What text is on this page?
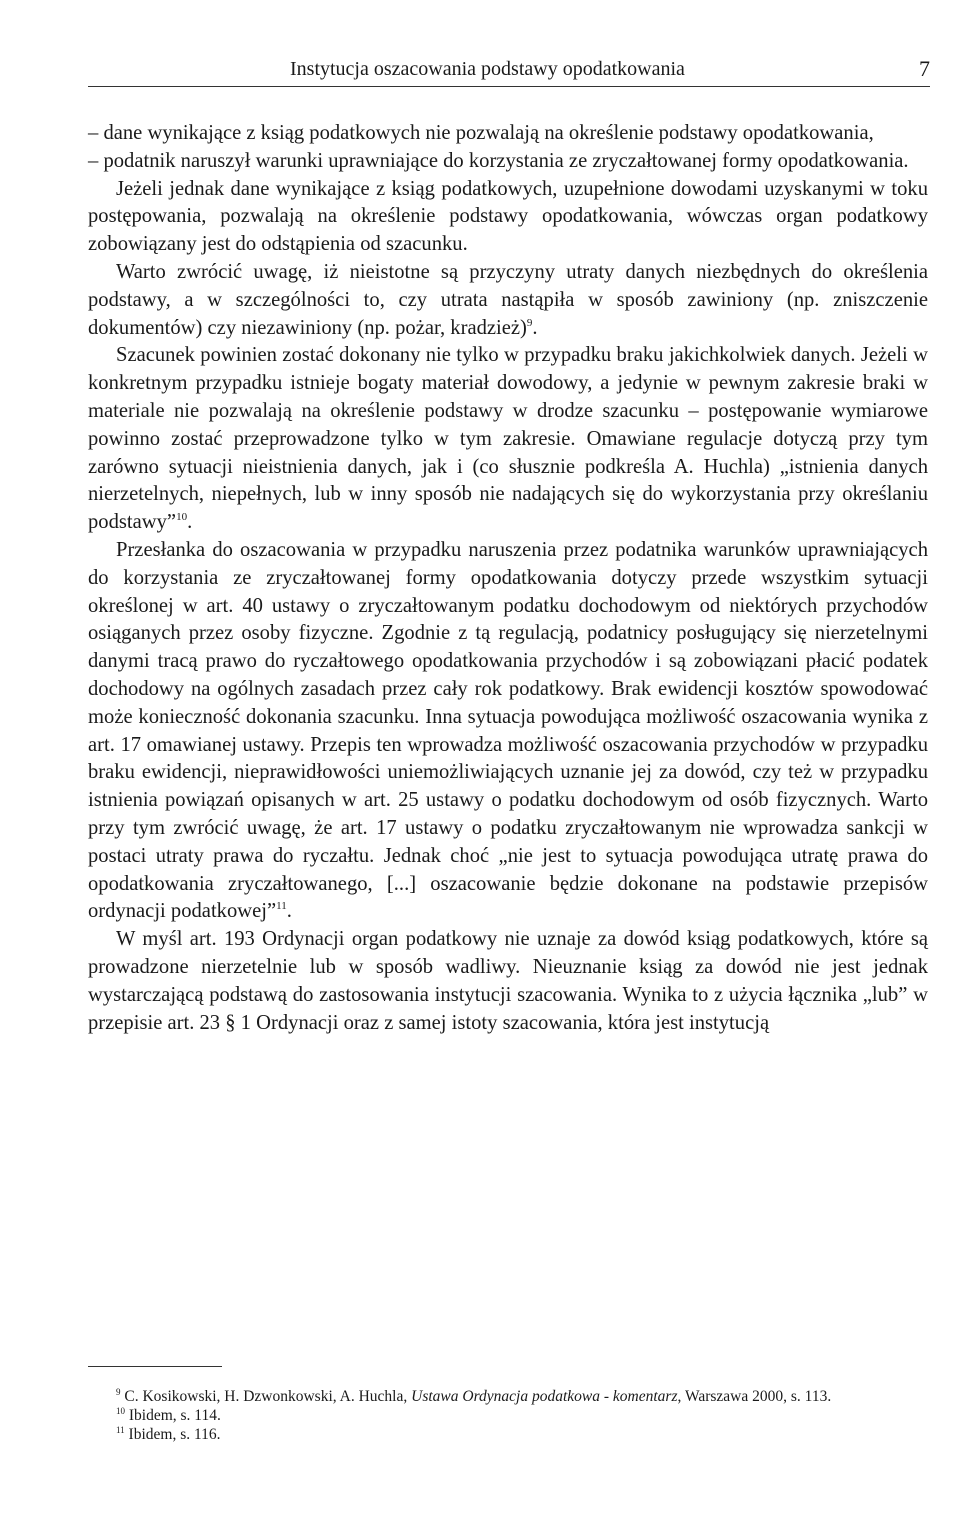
Instytucja oszacowania podstawy opodatkowania	7

– dane wynikające z ksiąg podatkowych nie pozwalają na określenie podstawy opodatkowania,

– podatnik naruszył warunki uprawniające do korzystania ze zryczałtowanej formy opodatkowania.

Jeżeli jednak dane wynikające z ksiąg podatkowych, uzupełnione dowodami uzyskanymi w toku postępowania, pozwalają na określenie podstawy opodatkowania, wówczas organ podatkowy zobowiązany jest do odstąpienia od szacunku.

Warto zwrócić uwagę, iż nieistotne są przyczyny utraty danych niezbędnych do określenia podstawy, a w szczególności to, czy utrata nastąpiła w sposób zawiniony (np. zniszczenie dokumentów) czy niezawiniony (np. pożar, kradzież)$^9$.

Szacunek powinien zostać dokonany nie tylko w przypadku braku jakichkolwiek danych. Jeżeli w konkretnym przypadku istnieje bogaty materiał dowodowy, a jedynie w pewnym zakresie braki w materiale nie pozwalają na określenie podstawy w drodze szacunku – postępowanie wymiarowe powinno zostać przeprowadzone tylko w tym zakresie. Omawiane regulacje dotyczą przy tym zarówno sytuacji nieistnienia danych, jak i (co słusznie podkreśla A. Huchla) „istnienia danych nierzetelnych, niepełnych, lub w inny sposób nie nadających się do wykorzystania przy określaniu podstawy”$^{10}$.

Przesłanka do oszacowania w przypadku naruszenia przez podatnika warunków uprawniających do korzystania ze zryczałtowanej formy opodatkowania dotyczy przede wszystkim sytuacji określonej w art. 40 ustawy o zryczałtowanym podatku dochodowym od niektórych przychodów osiąganych przez osoby fizyczne. Zgodnie z tą regulacją, podatnicy posługujący się nierzetelnymi danymi tracą prawo do ryczałtowego opodatkowania przychodów i są zobowiązani płacić podatek dochodowy na ogólnych zasadach przez cały rok podatkowy. Brak ewidencji kosztów spowodować może konieczność dokonania szacunku. Inna sytuacja powodująca możliwość oszacowania wynika z art. 17 omawianej ustawy. Przepis ten wprowadza możliwość oszacowania przychodów w przypadku braku ewidencji, nieprawidłowości uniemożliwiających uznanie jej za dowód, czy też w przypadku istnienia powiązań opisanych w art. 25 ustawy o podatku dochodowym od osób fizycznych. Warto przy tym zwrócić uwagę, że art. 17 ustawy o podatku zryczałtowanym nie wprowadza sankcji w postaci utraty prawa do ryczałtu. Jednak choć „nie jest to sytuacja powodująca utratę prawa do opodatkowania zryczałtowanego, [...] oszacowanie będzie dokonane na podstawie przepisów ordynacji podatkowej”$^{11}$.

W myśl art. 193 Ordynacji organ podatkowy nie uznaje za dowód ksiąg podatkowych, które są prowadzone nierzetelnie lub w sposób wadliwy. Nieuznanie ksiąg za dowód nie jest jednak wystarczającą podstawą do zastosowania instytucji szacowania. Wynika to z użycia łącznika „lub” w przepisie art. 23 § 1 Ordynacji oraz z samej istoty szacowania, która jest instytucją

$^9$ C. Kosikowski, H. Dzwonkowski, A. Huchla, Ustawa Ordynacja podatkowa - komentarz, Warszawa 2000, s. 113.

$^{10}$ Ibidem, s. 114.

$^{11}$ Ibidem, s. 116.
